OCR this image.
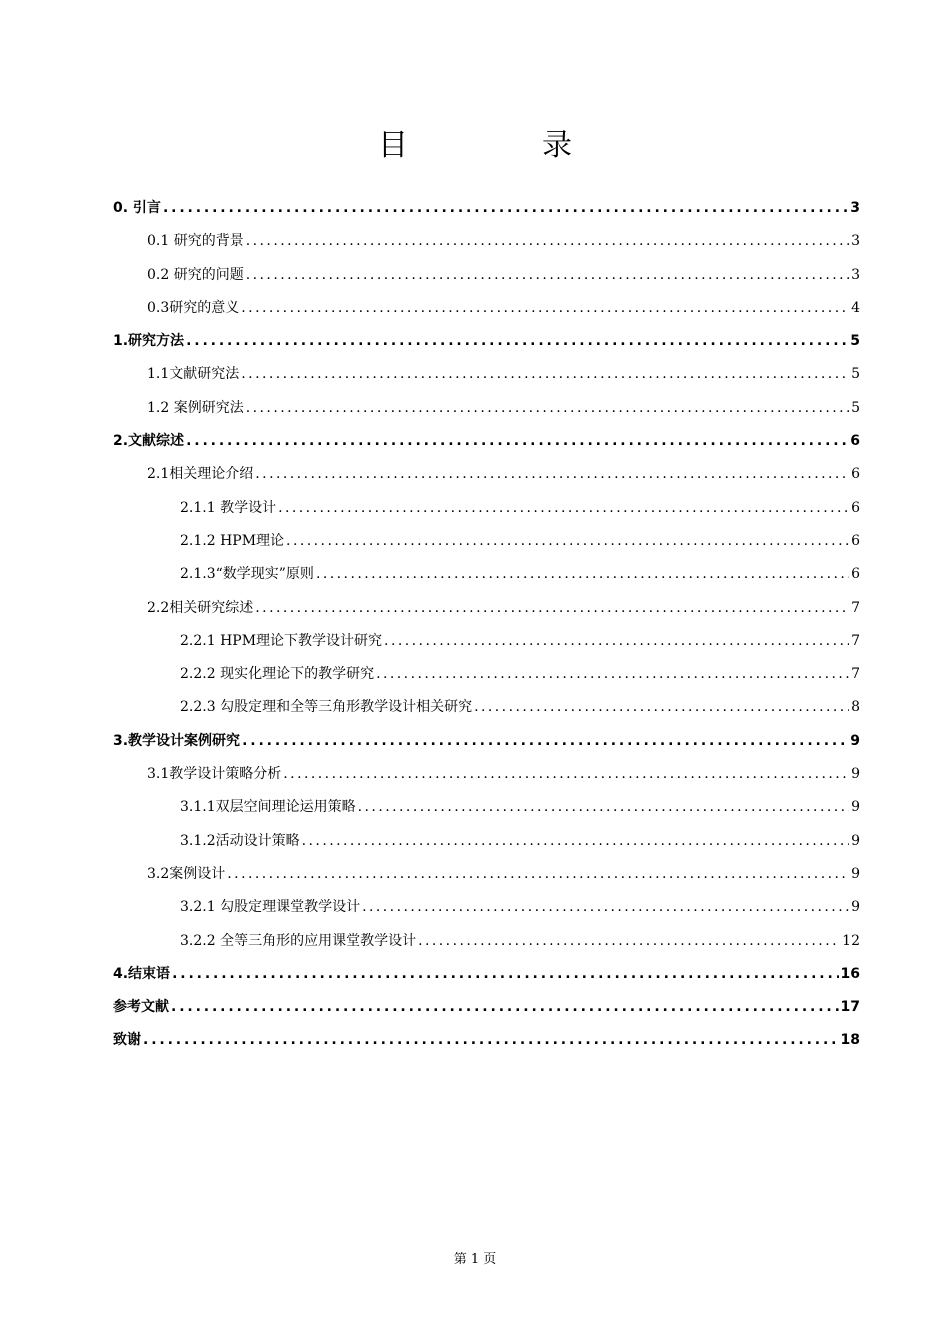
目　录
0. 引言 . . .	3
0.1 研究的背景 . . .	3
0.2 研究的问题 . . .	3
0.3研究的意义 . . .	4
1.研究方法 . . .	5
1.1文献研究法 . . .	5
1.2 案例研究法 . . .	5
2.文献综述 . . .	6
2.1相关理论介绍 . . .	6
2.1.1 教学设计 . . .	6
2.1.2 HPM理论 . . .	6
2.1.3“数学现实”原则 . . .	6
2.2相关研究综述 . . .	7
2.2.1 HPM理论下教学设计研究 . . .	7
2.2.2 现实化理论下的教学研究 . . .	7
2.2.3 勾股定理和全等三角形教学设计相关研究 . . .	8
3.教学设计案例研究 . . .	9
3.1教学设计策略分析 . . .	9
3.1.1双层空间理论运用策略 . . .	9
3.1.2活动设计策略 . . .	9
3.2案例设计 . . .	9
3.2.1 勾股定理课堂教学设计 . . .	9
3.2.2 全等三角形的应用课堂教学设计 . . .	12
4.结束语 . . .	16
参考文献 . . .	17
致谢 . . .	18
第 1 页
